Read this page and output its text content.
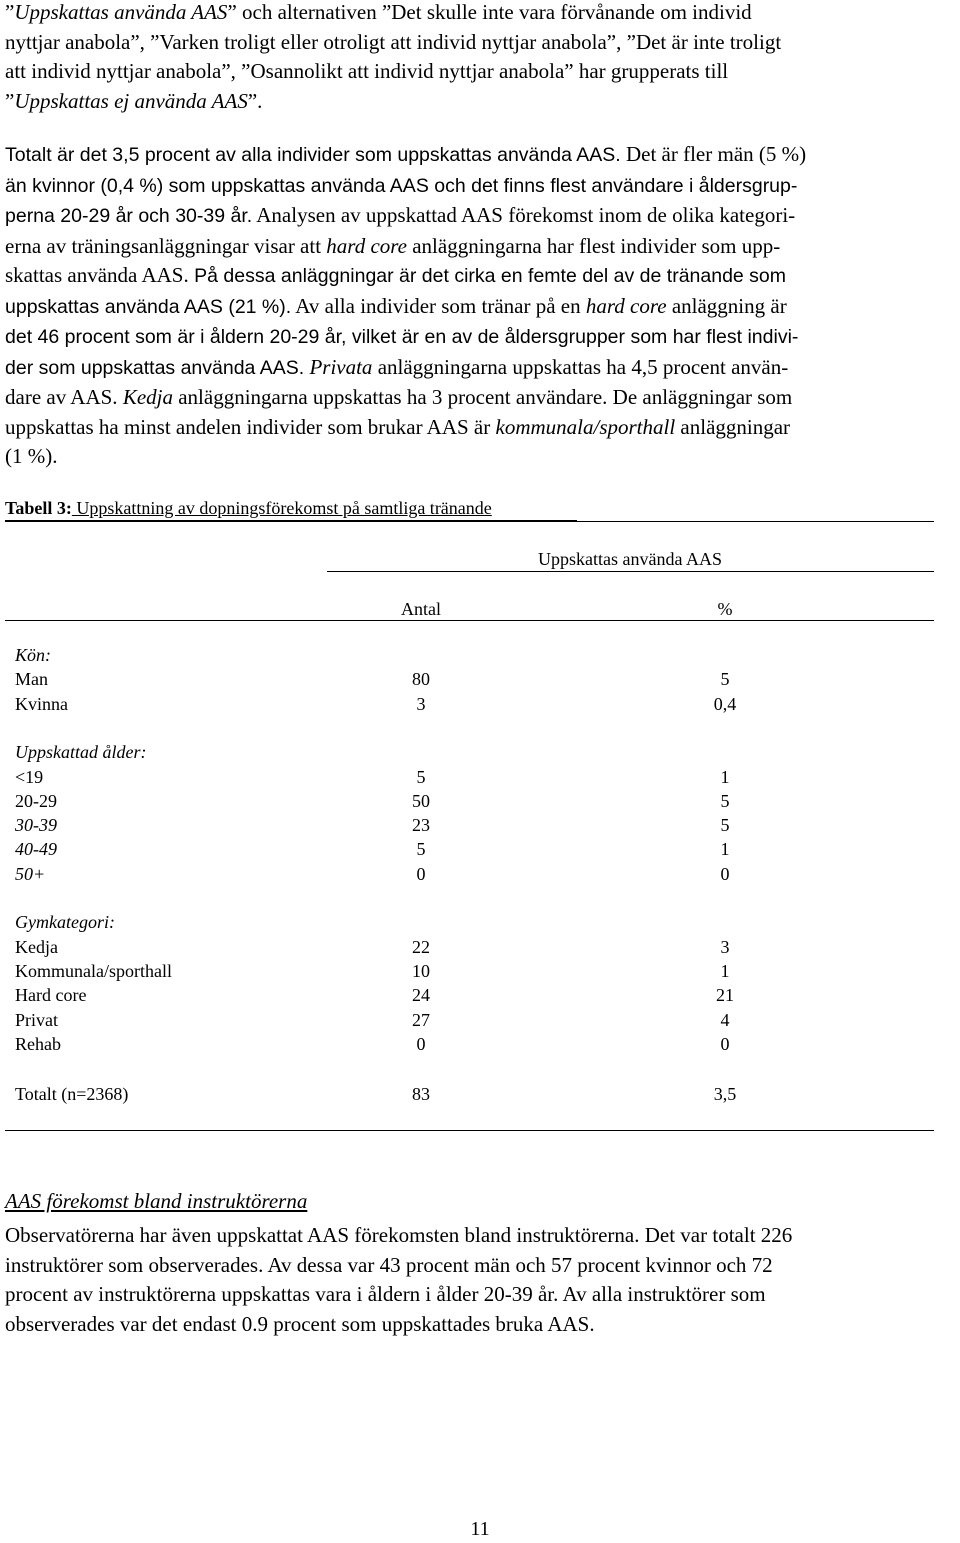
”Uppskattas använda AAS” och alternativen ”Det skulle inte vara förvånande om individ
nyttjar anabola”, ”Varken troligt eller otroligt att individ nyttjar anabola”, ”Det är inte troligt
att individ nyttjar anabola”, ”Osannolikt att individ nyttjar anabola” har grupperats till
”Uppskattas ej använda AAS”.
Totalt är det 3,5 procent av alla individer som uppskattas använda AAS. Det är fler män (5 %)
än kvinnor (0,4 %) som uppskattas använda AAS och det finns flest användare i åldersgrup-
perna 20-29 år och 30-39 år. Analysen av uppskattad AAS förekomst inom de olika kategori-
erna av träningsanläggningar visar att hard core anläggningarna har flest individer som upp-
skattas använda AAS. På dessa anläggningar är det cirka en femte del av de tränande som
uppskattas använda AAS (21 %). Av alla individer som tränar på en hard core anläggning är
det 46 procent som är i åldern 20-29 år, vilket är en av de åldersgrupper som har flest indivi-
der som uppskattas använda AAS. Privata anläggningarna uppskattas ha 4,5 procent använ-
dare av AAS. Kedja anläggningarna uppskattas ha 3 procent användare. De anläggningar som
uppskattas ha minst andelen individer som brukar AAS är kommunala/sporthall anläggningar
(1 %).
Tabell 3: Uppskattning av dopningsförekomst på samtliga tränande
Uppskattas använda AAS
Antal	%
Kön:
Man	80	5
Kvinna	3	0,4
Uppskattad ålder:
<19	5	1
20-29	50	5
30-39	23	5
40-49	5	1
50+	0	0
Gymkategori:
Kedja	22	3
Kommunala/sporthall	10	1
Hard core	24	21
Privat	27	4
Rehab	0	0
Totalt (n=2368)	83	3,5
AAS förekomst bland instruktörerna
Observatörerna har även uppskattat AAS förekomsten bland instruktörerna. Det var totalt 226
instruktörer som observerades. Av dessa var 43 procent män och 57 procent kvinnor och 72
procent av instruktörerna uppskattas vara i åldern i ålder 20-39 år. Av alla instruktörer som
observerades var det endast 0.9 procent som uppskattades bruka AAS.
11
